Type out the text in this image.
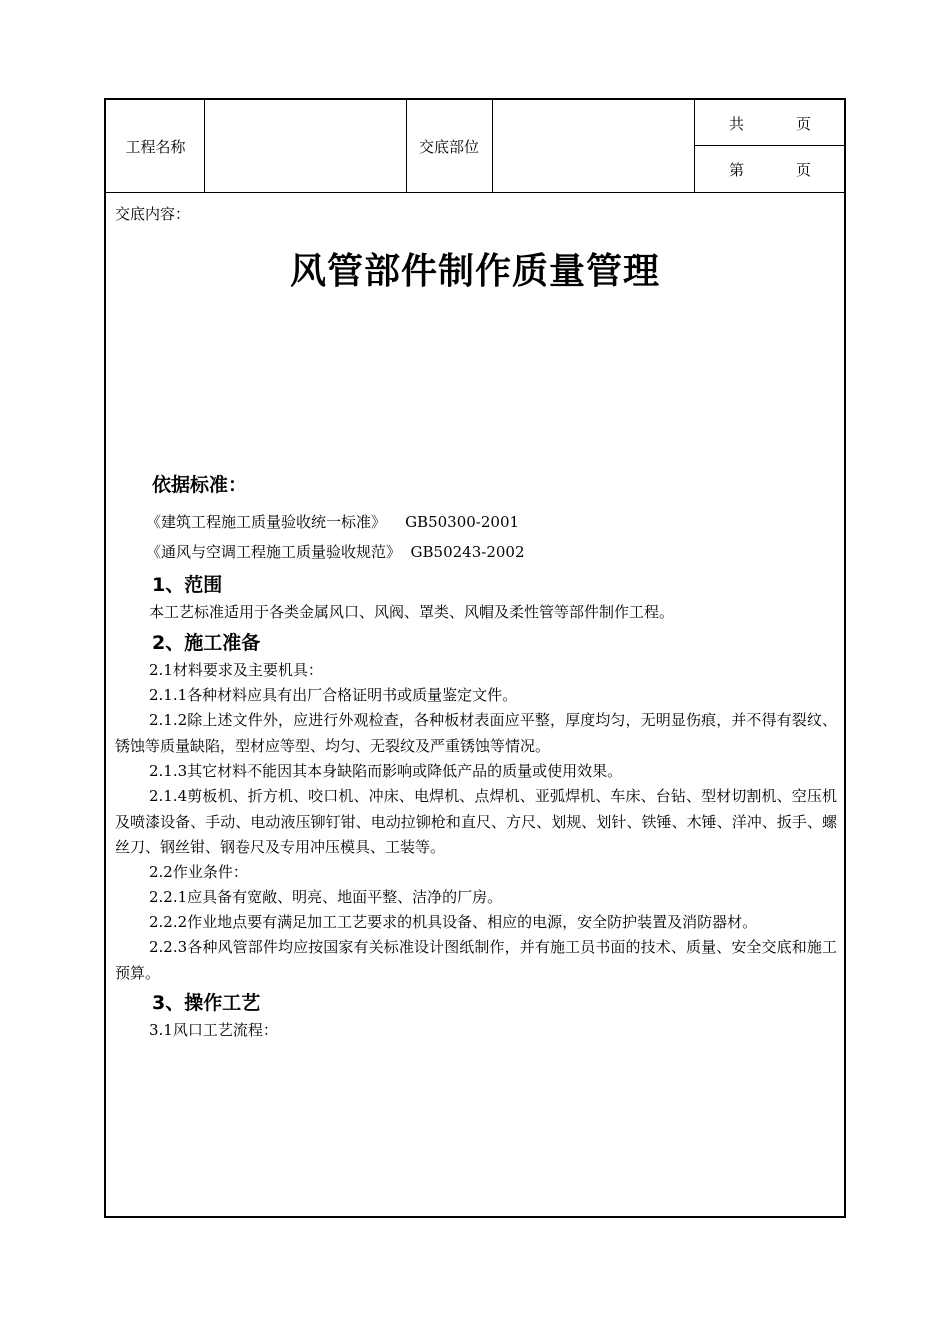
工程名称	交底部位
共	页
第	页
交底内容：
风管部件制作质量管理
依据标准：
《建筑工程施工质量验收统一标准》    GB50300-2001
《通风与空调工程施工质量验收规范》  GB50243-2002
1、范围

本工艺标准适用于各类金属风口、风阀、罩类、风帽及柔性管等部件制作工程。

2、施工准备

2.1材料要求及主要机具：

2.1.1各种材料应具有出厂合格证明书或质量鉴定文件。

2.1.2除上述文件外，应进行外观检查，各种板材表面应平整，厚度均匀，无明显伤痕，并不得有裂纹、锈蚀等质量缺陷，型材应等型、均匀、无裂纹及严重锈蚀等情况。

2.1.3其它材料不能因其本身缺陷而影响或降低产品的质量或使用效果。

2.1.4剪板机、折方机、咬口机、冲床、电焊机、点焊机、亚弧焊机、车床、台钻、型材切割机、空压机及喷漆设备、手动、电动液压铆钉钳、电动拉铆枪和直尺、方尺、划规、划针、铁锤、木锤、洋冲、扳手、螺丝刀、钢丝钳、钢卷尺及专用冲压模具、工装等。

2.2作业条件：

2.2.1应具备有宽敞、明亮、地面平整、洁净的厂房。

2.2.2作业地点要有满足加工工艺要求的机具设备、相应的电源，安全防护装置及消防器材。

2.2.3各种风管部件均应按国家有关标准设计图纸制作，并有施工员书面的技术、质量、安全交底和施工预算。

3、操作工艺

3.1风口工艺流程：
